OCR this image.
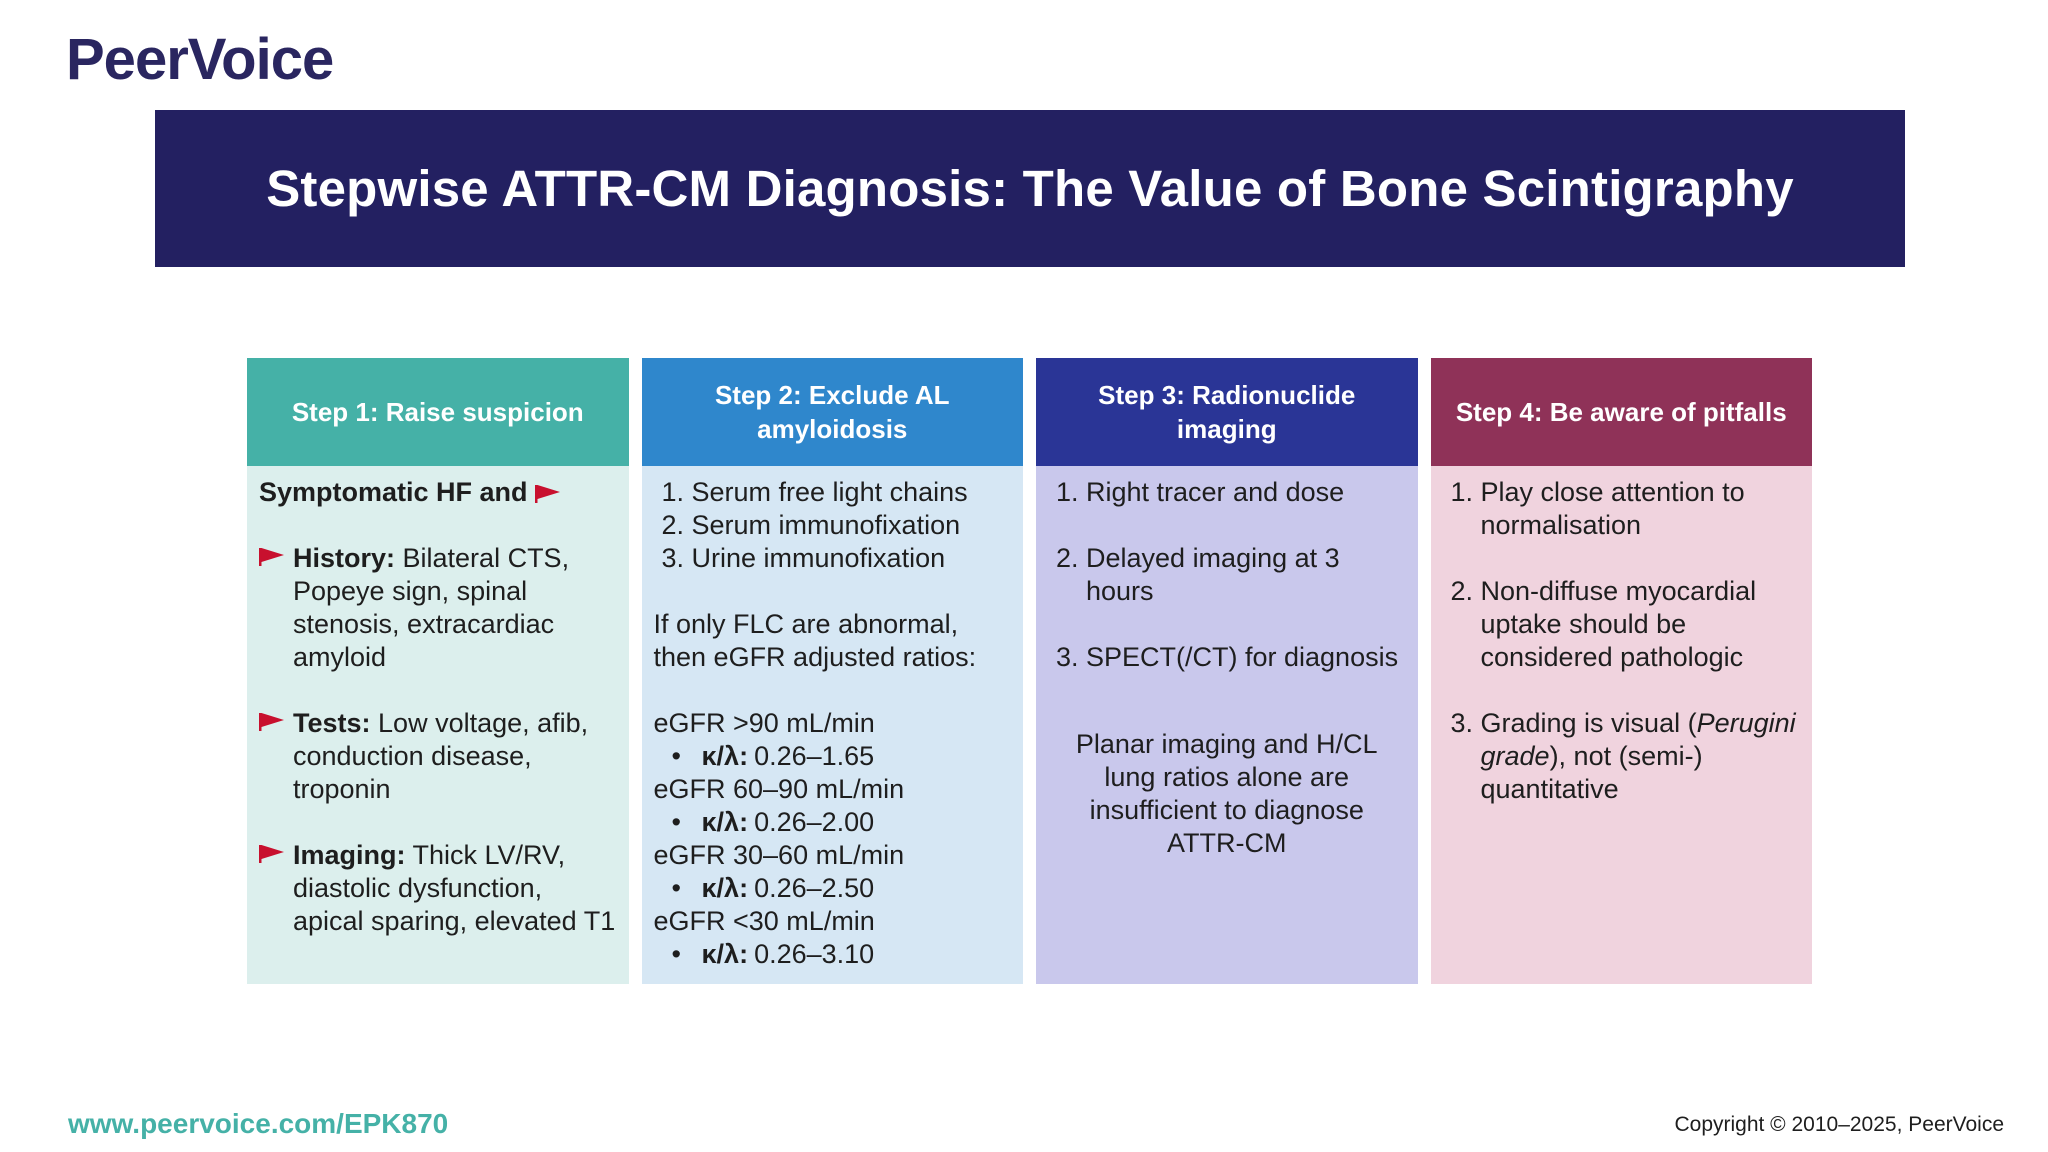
PeerVoice
Stepwise ATTR-CM Diagnosis: The Value of Bone Scintigraphy
Step 1: Raise suspicion
Symptomatic HF and
History: Bilateral CTS, Popeye sign, spinal stenosis, extracardiac amyloid
Tests: Low voltage, afib, conduction disease, troponin
Imaging: Thick LV/RV, diastolic dysfunction, apical sparing, elevated T1
Step 2: Exclude AL amyloidosis
1. Serum free light chains
2. Serum immunofixation
3. Urine immunofixation
If only FLC are abnormal, then eGFR adjusted ratios:
eGFR >90 mL/min
• κ/λ: 0.26–1.65
eGFR 60–90 mL/min
• κ/λ: 0.26–2.00
eGFR 30–60 mL/min
• κ/λ: 0.26–2.50
eGFR <30 mL/min
• κ/λ: 0.26–3.10
Step 3: Radionuclide imaging
1. Right tracer and dose
2. Delayed imaging at 3 hours
3. SPECT(/CT) for diagnosis
Planar imaging and H/CL lung ratios alone are insufficient to diagnose ATTR-CM
Step 4: Be aware of pitfalls
1. Play close attention to normalisation
2. Non-diffuse myocardial uptake should be considered pathologic
3. Grading is visual (Perugini grade), not (semi-) quantitative
www.peervoice.com/EPK870	Copyright © 2010–2025, PeerVoice
